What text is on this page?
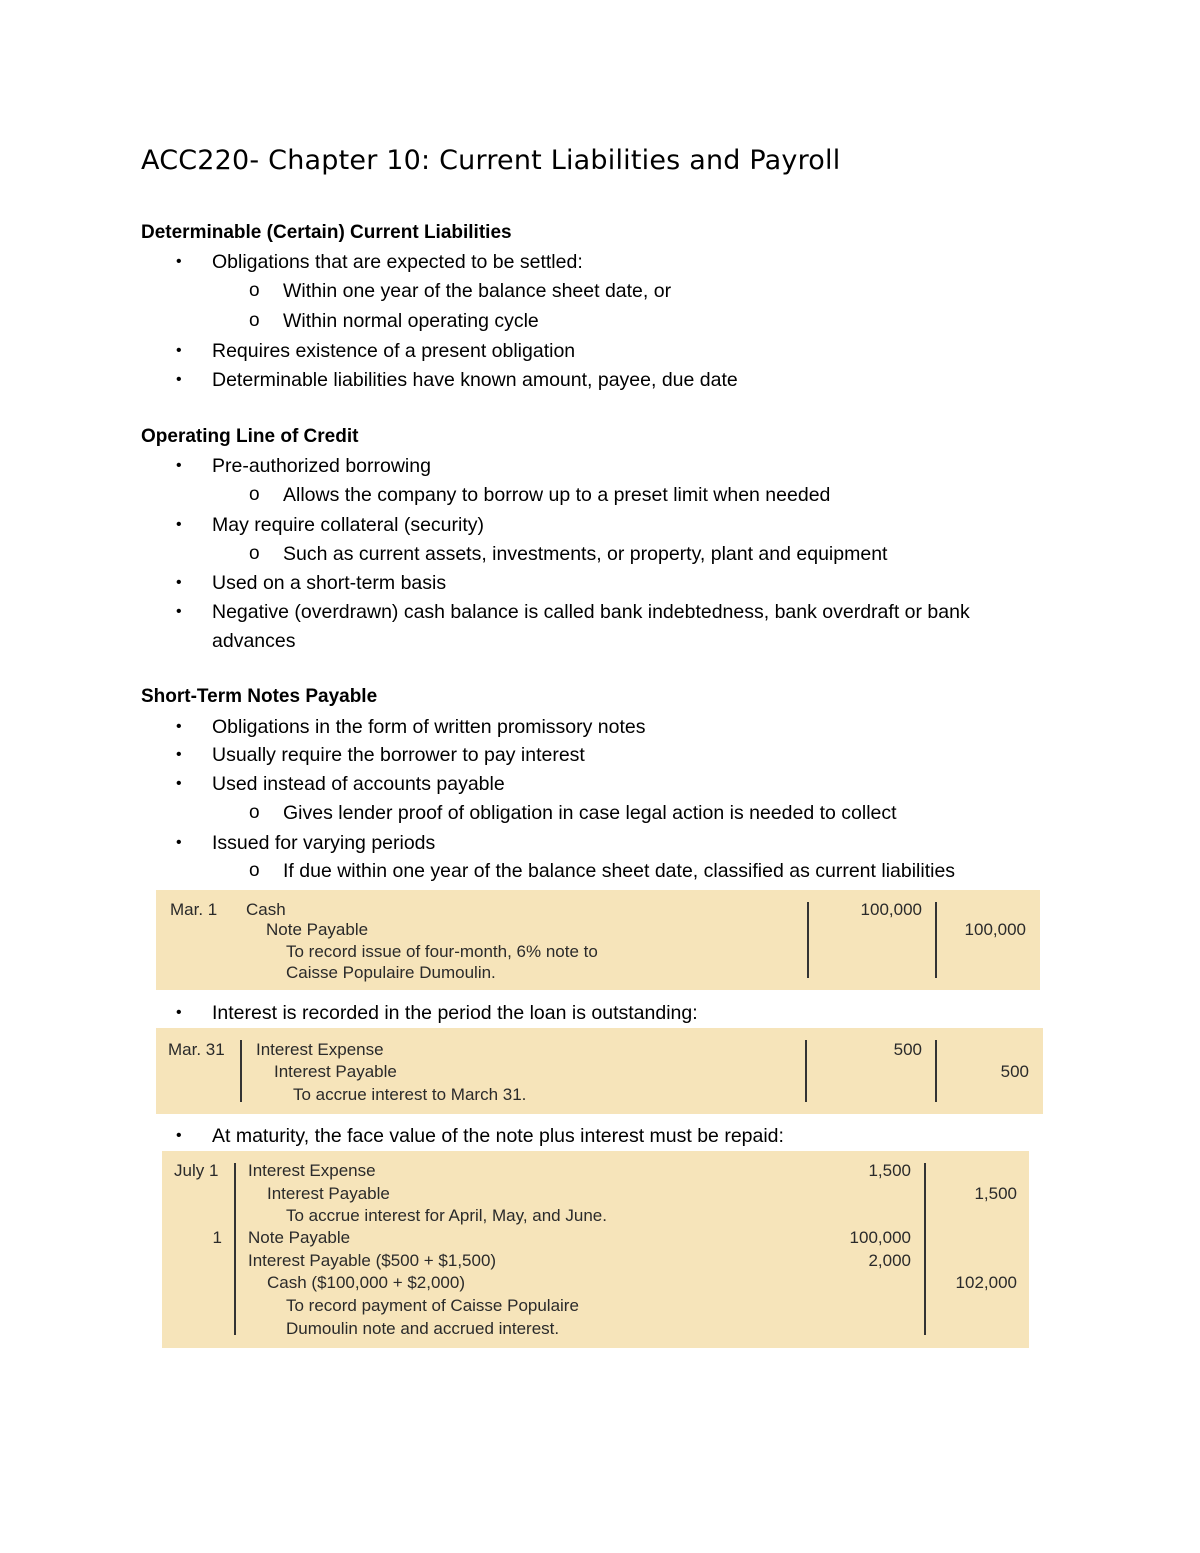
ACC220- Chapter 10: Current Liabilities and Payroll
Determinable (Certain) Current Liabilities
• Obligations that are expected to be settled:
o Within one year of the balance sheet date, or
o Within normal operating cycle
• Requires existence of a present obligation
• Determinable liabilities have known amount, payee, due date
Operating Line of Credit
• Pre-authorized borrowing
o Allows the company to borrow up to a preset limit when needed
• May require collateral (security)
o Such as current assets, investments, or property, plant and equipment
• Used on a short-term basis
• Negative (overdrawn) cash balance is called bank indebtedness, bank overdraft or bank
advances
Short-Term Notes Payable
• Obligations in the form of written promissory notes
• Usually require the borrower to pay interest
• Used instead of accounts payable
o Gives lender proof of obligation in case legal action is needed to collect
• Issued for varying periods
o If due within one year of the balance sheet date, classified as current liabilities
Mar. 1 Cash
Note Payable
To record issue of four-month, 6% note to
Caisse Populaire Dumoulin.
100,000
100,000
• Interest is recorded in the period the loan is outstanding:
Mar. 31 Interest Expense
Interest Payable
To accrue interest to March 31.
500
500
• At maturity, the face value of the note plus interest must be repaid:
July 1 Interest Expense
Interest Payable
To accrue interest for April, May, and June.
1 Note Payable
Interest Payable ($500 + $1,500)
Cash ($100,000 + $2,000)
To record payment of Caisse Populaire
Dumoulin note and accrued interest.
1,500
100,000
2,000
1,500
102,000
